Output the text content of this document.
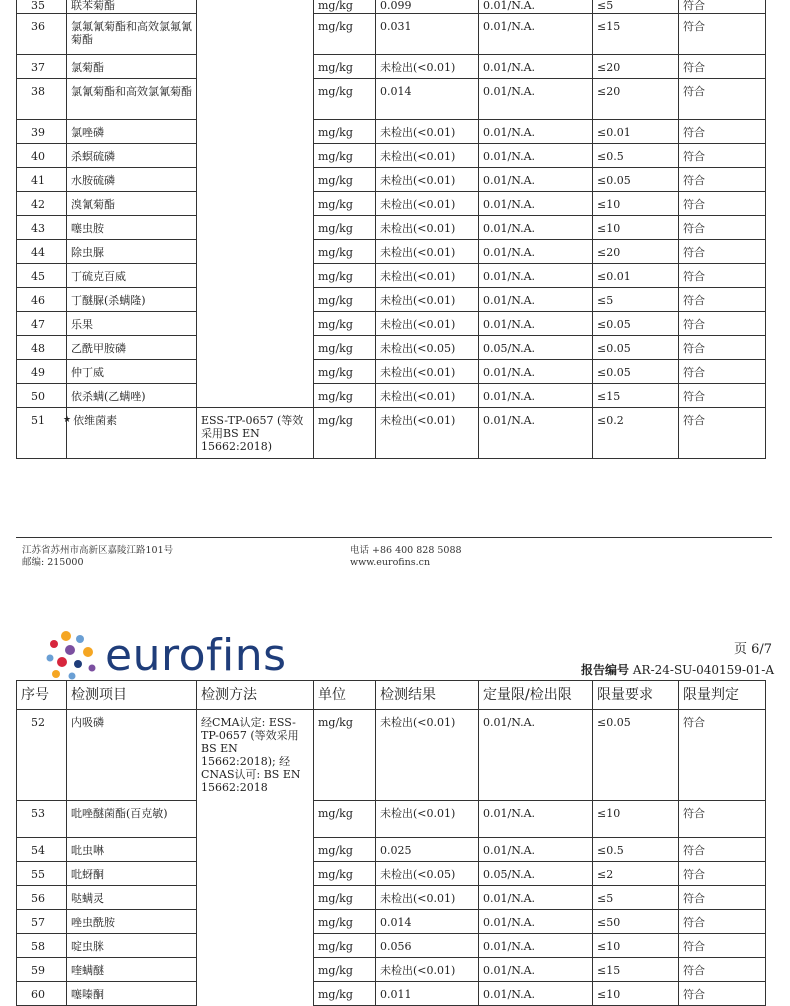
35	联苯菊酯		mg/kg	0.099	0.01/N.A.	≤5	符合
36	氯氟氰菊酯和高效氯氟氰菊酯		mg/kg	0.031	0.01/N.A.	≤15	符合
37	氯菊酯		mg/kg	未检出(<0.01)	0.01/N.A.	≤20	符合
38	氯氰菊酯和高效氯氰菊酯		mg/kg	0.014	0.01/N.A.	≤20	符合
39	氯唑磷		mg/kg	未检出(<0.01)	0.01/N.A.	≤0.01	符合
40	杀螟硫磷		mg/kg	未检出(<0.01)	0.01/N.A.	≤0.5	符合
41	水胺硫磷		mg/kg	未检出(<0.01)	0.01/N.A.	≤0.05	符合
42	溴氰菊酯		mg/kg	未检出(<0.01)	0.01/N.A.	≤10	符合
43	噻虫胺		mg/kg	未检出(<0.01)	0.01/N.A.	≤10	符合
44	除虫脲		mg/kg	未检出(<0.01)	0.01/N.A.	≤20	符合
45	丁硫克百威		mg/kg	未检出(<0.01)	0.01/N.A.	≤0.01	符合
46	丁醚脲(杀螨隆)		mg/kg	未检出(<0.01)	0.01/N.A.	≤5	符合
47	乐果		mg/kg	未检出(<0.01)	0.01/N.A.	≤0.05	符合
48	乙酰甲胺磷		mg/kg	未检出(<0.05)	0.05/N.A.	≤0.05	符合
49	仲丁威		mg/kg	未检出(<0.01)	0.01/N.A.	≤0.05	符合
50	依杀螨(乙螨唑)		mg/kg	未检出(<0.01)	0.01/N.A.	≤15	符合
51	★ 依维菌素	ESS-TP-0657 (等效采用BS EN 15662:2018)	mg/kg	未检出(<0.01)	0.01/N.A.	≤0.2	符合
江苏省苏州市高新区嘉陵江路101号
邮编: 215000
电话 +86 400 828 5088
www.eurofins.cn
eurofins	页 6/7
报告编号 AR-24-SU-040159-01-A
序号	检测项目	检测方法	单位	检测结果	定量限/检出限	限量要求	限量判定
52	内吸磷	经CMA认定: ESS-TP-0657 (等效采用BS EN 15662:2018); 经CNAS认可: BS EN 15662:2018	mg/kg	未检出(<0.01)	0.01/N.A.	≤0.05	符合
53	吡唑醚菌酯(百克敏)		mg/kg	未检出(<0.01)	0.01/N.A.	≤10	符合
54	吡虫啉		mg/kg	0.025	0.01/N.A.	≤0.5	符合
55	吡蚜酮		mg/kg	未检出(<0.05)	0.05/N.A.	≤2	符合
56	哒螨灵		mg/kg	未检出(<0.01)	0.01/N.A.	≤5	符合
57	唑虫酰胺		mg/kg	0.014	0.01/N.A.	≤50	符合
58	啶虫脒		mg/kg	0.056	0.01/N.A.	≤10	符合
59	喹螨醚		mg/kg	未检出(<0.01)	0.01/N.A.	≤15	符合
60	噻嗪酮		mg/kg	0.011	0.01/N.A.	≤10	符合
